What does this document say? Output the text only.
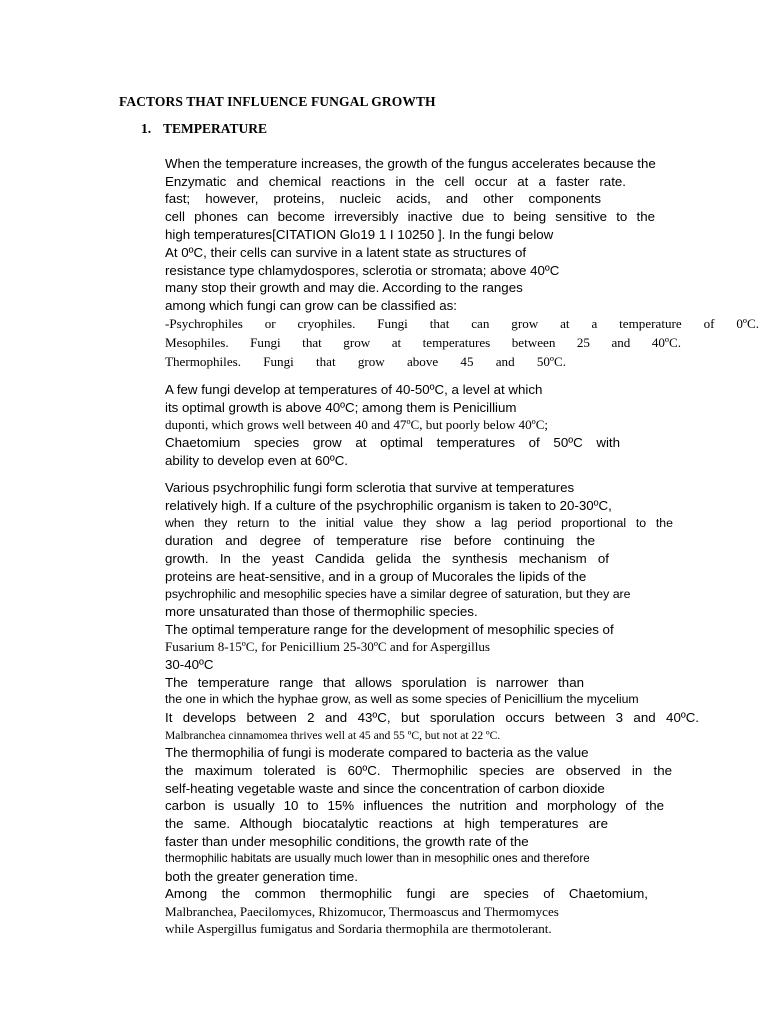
FACTORS THAT INFLUENCE FUNGAL GROWTH
1. TEMPERATURE
When the temperature increases, the growth of the fungus accelerates because the
Enzymatic and chemical reactions in the cell occur at a faster rate.
fast; however, proteins, nucleic acids, and other components
cell phones can become irreversibly inactive due to being sensitive to the
high temperatures[CITATION Glo19 1 I 10250 ]. In the fungi below
At 0ºC, their cells can survive in a latent state as structures of
resistance type chlamydospores, sclerotia or stromata; above 40ºC
many stop their growth and may die. According to the ranges
among which fungi can grow can be classified as:
-Psychrophiles or cryophiles. Fungi that can grow at a temperature of 0ºC.
Mesophiles. Fungi that grow at temperatures between 25 and 40ºC.
Thermophiles. Fungi that grow above 45 and 50ºC.
A few fungi develop at temperatures of 40-50ºC, a level at which
its optimal growth is above 40ºC; among them is Penicillium
duponti, which grows well between 40 and 47ºC, but poorly below 40ºC;
Chaetomium species grow at optimal temperatures of 50ºC with
ability to develop even at 60ºC.
Various psychrophilic fungi form sclerotia that survive at temperatures
relatively high. If a culture of the psychrophilic organism is taken to 20-30ºC,
when they return to the initial value they show a lag period proportional to the
duration and degree of temperature rise before continuing the
growth. In the yeast Candida gelida the synthesis mechanism of
proteins are heat-sensitive, and in a group of Mucorales the lipids of the
psychrophilic and mesophilic species have a similar degree of saturation, but they are
more unsaturated than those of thermophilic species.
The optimal temperature range for the development of mesophilic species of
Fusarium 8-15ºC, for Penicillium 25-30ºC and for Aspergillus
30-40ºC
The temperature range that allows sporulation is narrower than
the one in which the hyphae grow, as well as some species of Penicillium the mycelium
It develops between 2 and 43ºC, but sporulation occurs between 3 and 40ºC.
Malbranchea cinnamomea thrives well at 45 and 55 ºC, but not at 22 ºC.
The thermophilia of fungi is moderate compared to bacteria as the value
the maximum tolerated is 60ºC. Thermophilic species are observed in the
self-heating vegetable waste and since the concentration of carbon dioxide
carbon is usually 10 to 15% influences the nutrition and morphology of the
the same. Although biocatalytic reactions at high temperatures are
faster than under mesophilic conditions, the growth rate of the
thermophilic habitats are usually much lower than in mesophilic ones and therefore
both the greater generation time.
Among the common thermophilic fungi are species of Chaetomium,
Malbranchea, Paecilomyces, Rhizomucor, Thermoascus and Thermomyces
while Aspergillus fumigatus and Sordaria thermophila are thermotolerant.
